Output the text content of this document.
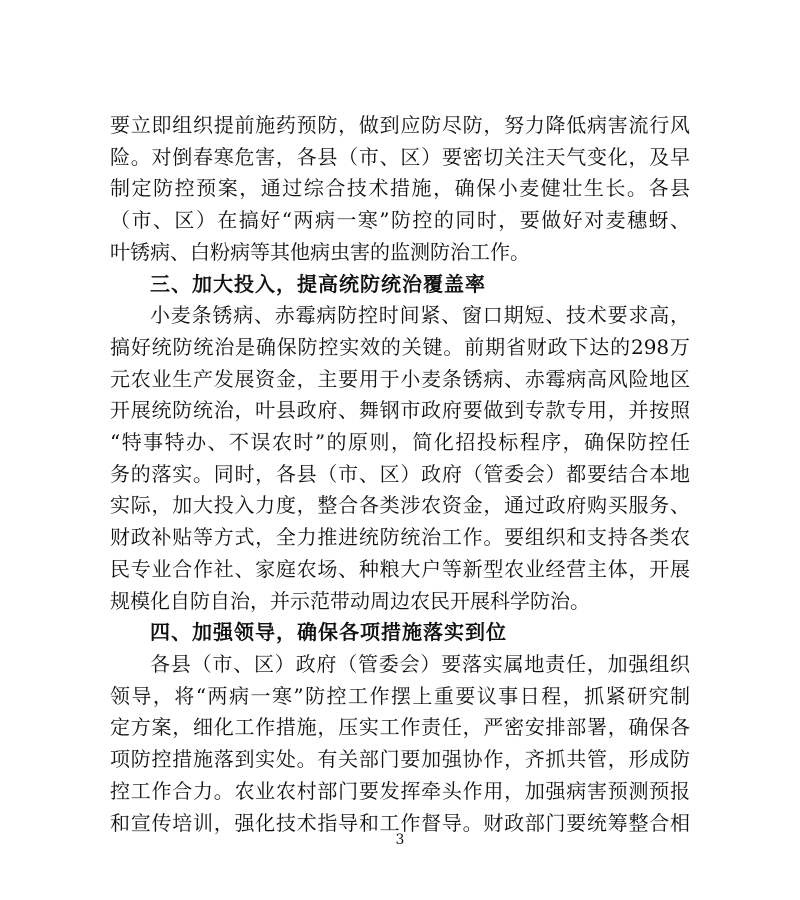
要立即组织提前施药预防，做到应防尽防，努力降低病害流行风
险。对倒春寒危害，各县（市、区）要密切关注天气变化，及早
制定防控预案，通过综合技术措施，确保小麦健壮生长。各县
（市、区）在搞好“两病一寒”防控的同时，要做好对麦穗蚜、
叶锈病、白粉病等其他病虫害的监测防治工作。
三、加大投入，提高统防统治覆盖率
小麦条锈病、赤霉病防控时间紧、窗口期短、技术要求高，
搞好统防统治是确保防控实效的关键。前期省财政下达的298万
元农业生产发展资金，主要用于小麦条锈病、赤霉病高风险地区
开展统防统治，叶县政府、舞钢市政府要做到专款专用，并按照
“特事特办、不误农时”的原则，简化招投标程序，确保防控任
务的落实。同时，各县（市、区）政府（管委会）都要结合本地
实际，加大投入力度，整合各类涉农资金，通过政府购买服务、
财政补贴等方式，全力推进统防统治工作。要组织和支持各类农
民专业合作社、家庭农场、种粮大户等新型农业经营主体，开展
规模化自防自治，并示范带动周边农民开展科学防治。
四、加强领导，确保各项措施落实到位
各县（市、区）政府（管委会）要落实属地责任，加强组织
领导，将“两病一寒”防控工作摆上重要议事日程，抓紧研究制
定方案，细化工作措施，压实工作责任，严密安排部署，确保各
项防控措施落到实处。有关部门要加强协作，齐抓共管，形成防
控工作合力。农业农村部门要发挥牵头作用，加强病害预测预报
和宣传培训，强化技术指导和工作督导。财政部门要统筹整合相
3
